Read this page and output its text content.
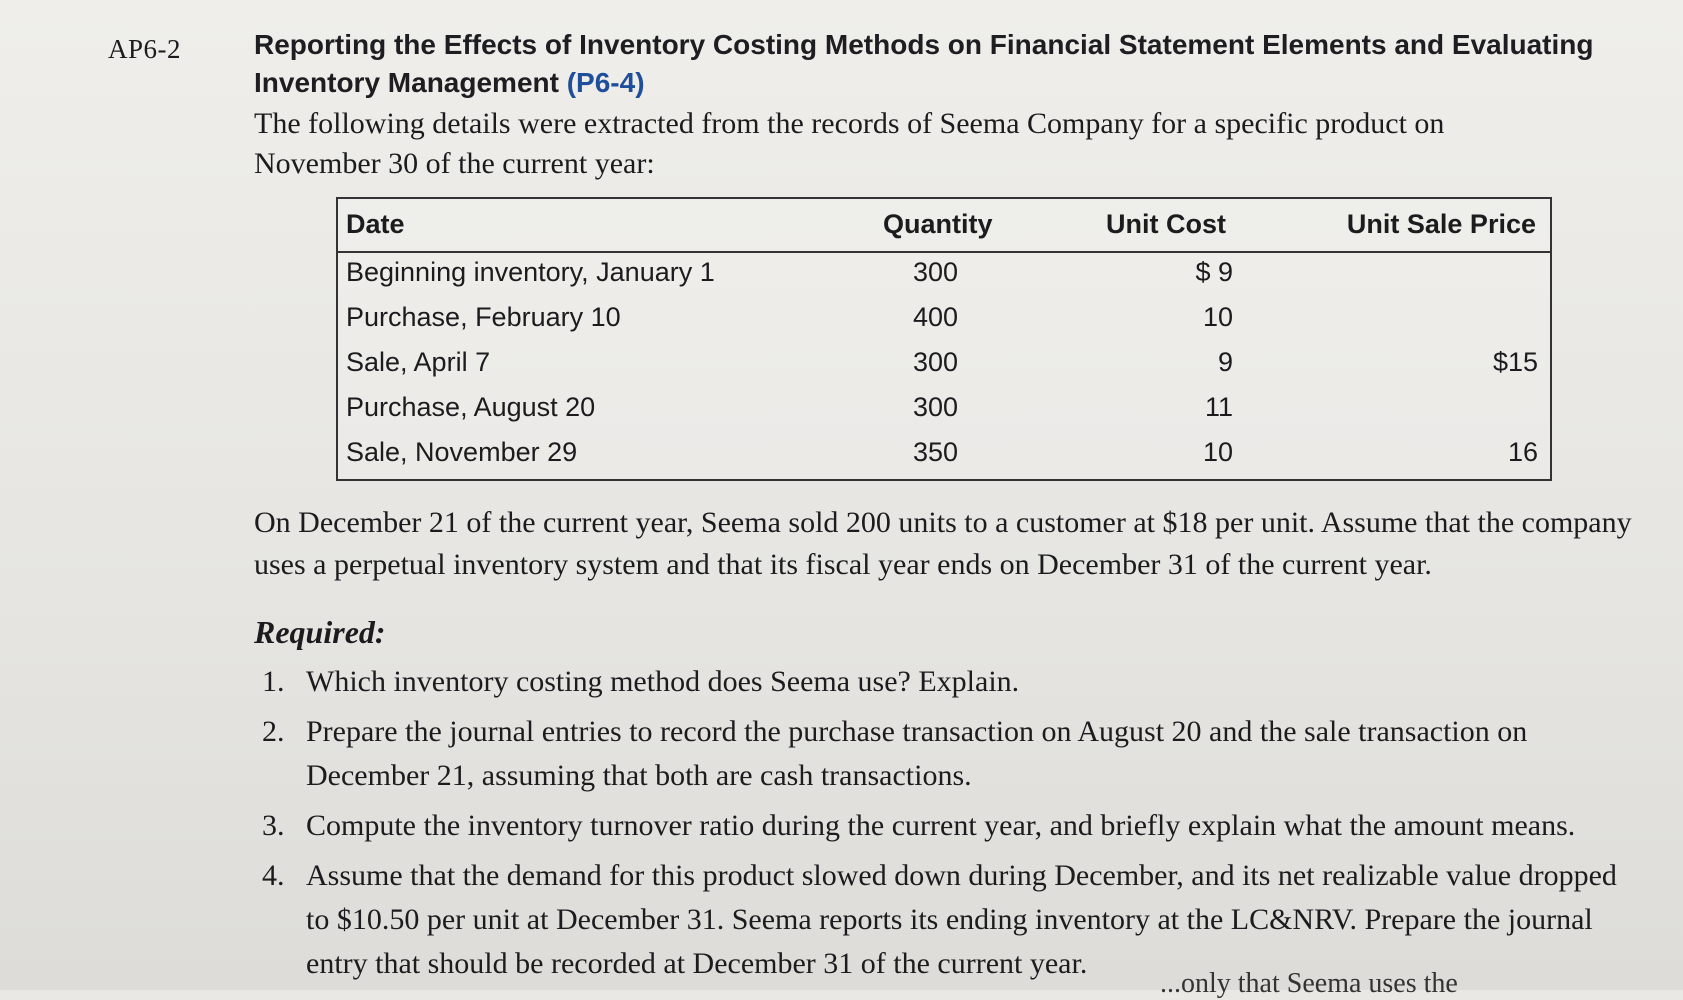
AP6-2	Reporting the Effects of Inventory Costing Methods on Financial Statement Elements and Evaluating Inventory Management (P6-4)
The following details were extracted from the records of Seema Company for a specific product on November 30 of the current year:
Date	Quantity	Unit Cost	Unit Sale Price
Beginning inventory, January 1	300	$ 9
Purchase, February 10	400	10
Sale, April 7	300	9	$15
Purchase, August 20	300	11
Sale, November 29	350	10	16
On December 21 of the current year, Seema sold 200 units to a customer at $18 per unit. Assume that the company uses a perpetual inventory system and that its fiscal year ends on December 31 of the current year.
Required:
1. Which inventory costing method does Seema use? Explain.
2. Prepare the journal entries to record the purchase transaction on August 20 and the sale transaction on December 21, assuming that both are cash transactions.
3. Compute the inventory turnover ratio during the current year, and briefly explain what the amount means.
4. Assume that the demand for this product slowed down during December, and its net realizable value dropped to $10.50 per unit at December 31. Seema reports its ending inventory at the LC&NRV. Prepare the journal entry that should be recorded at December 31 of the current year.
...only that Seema uses the
